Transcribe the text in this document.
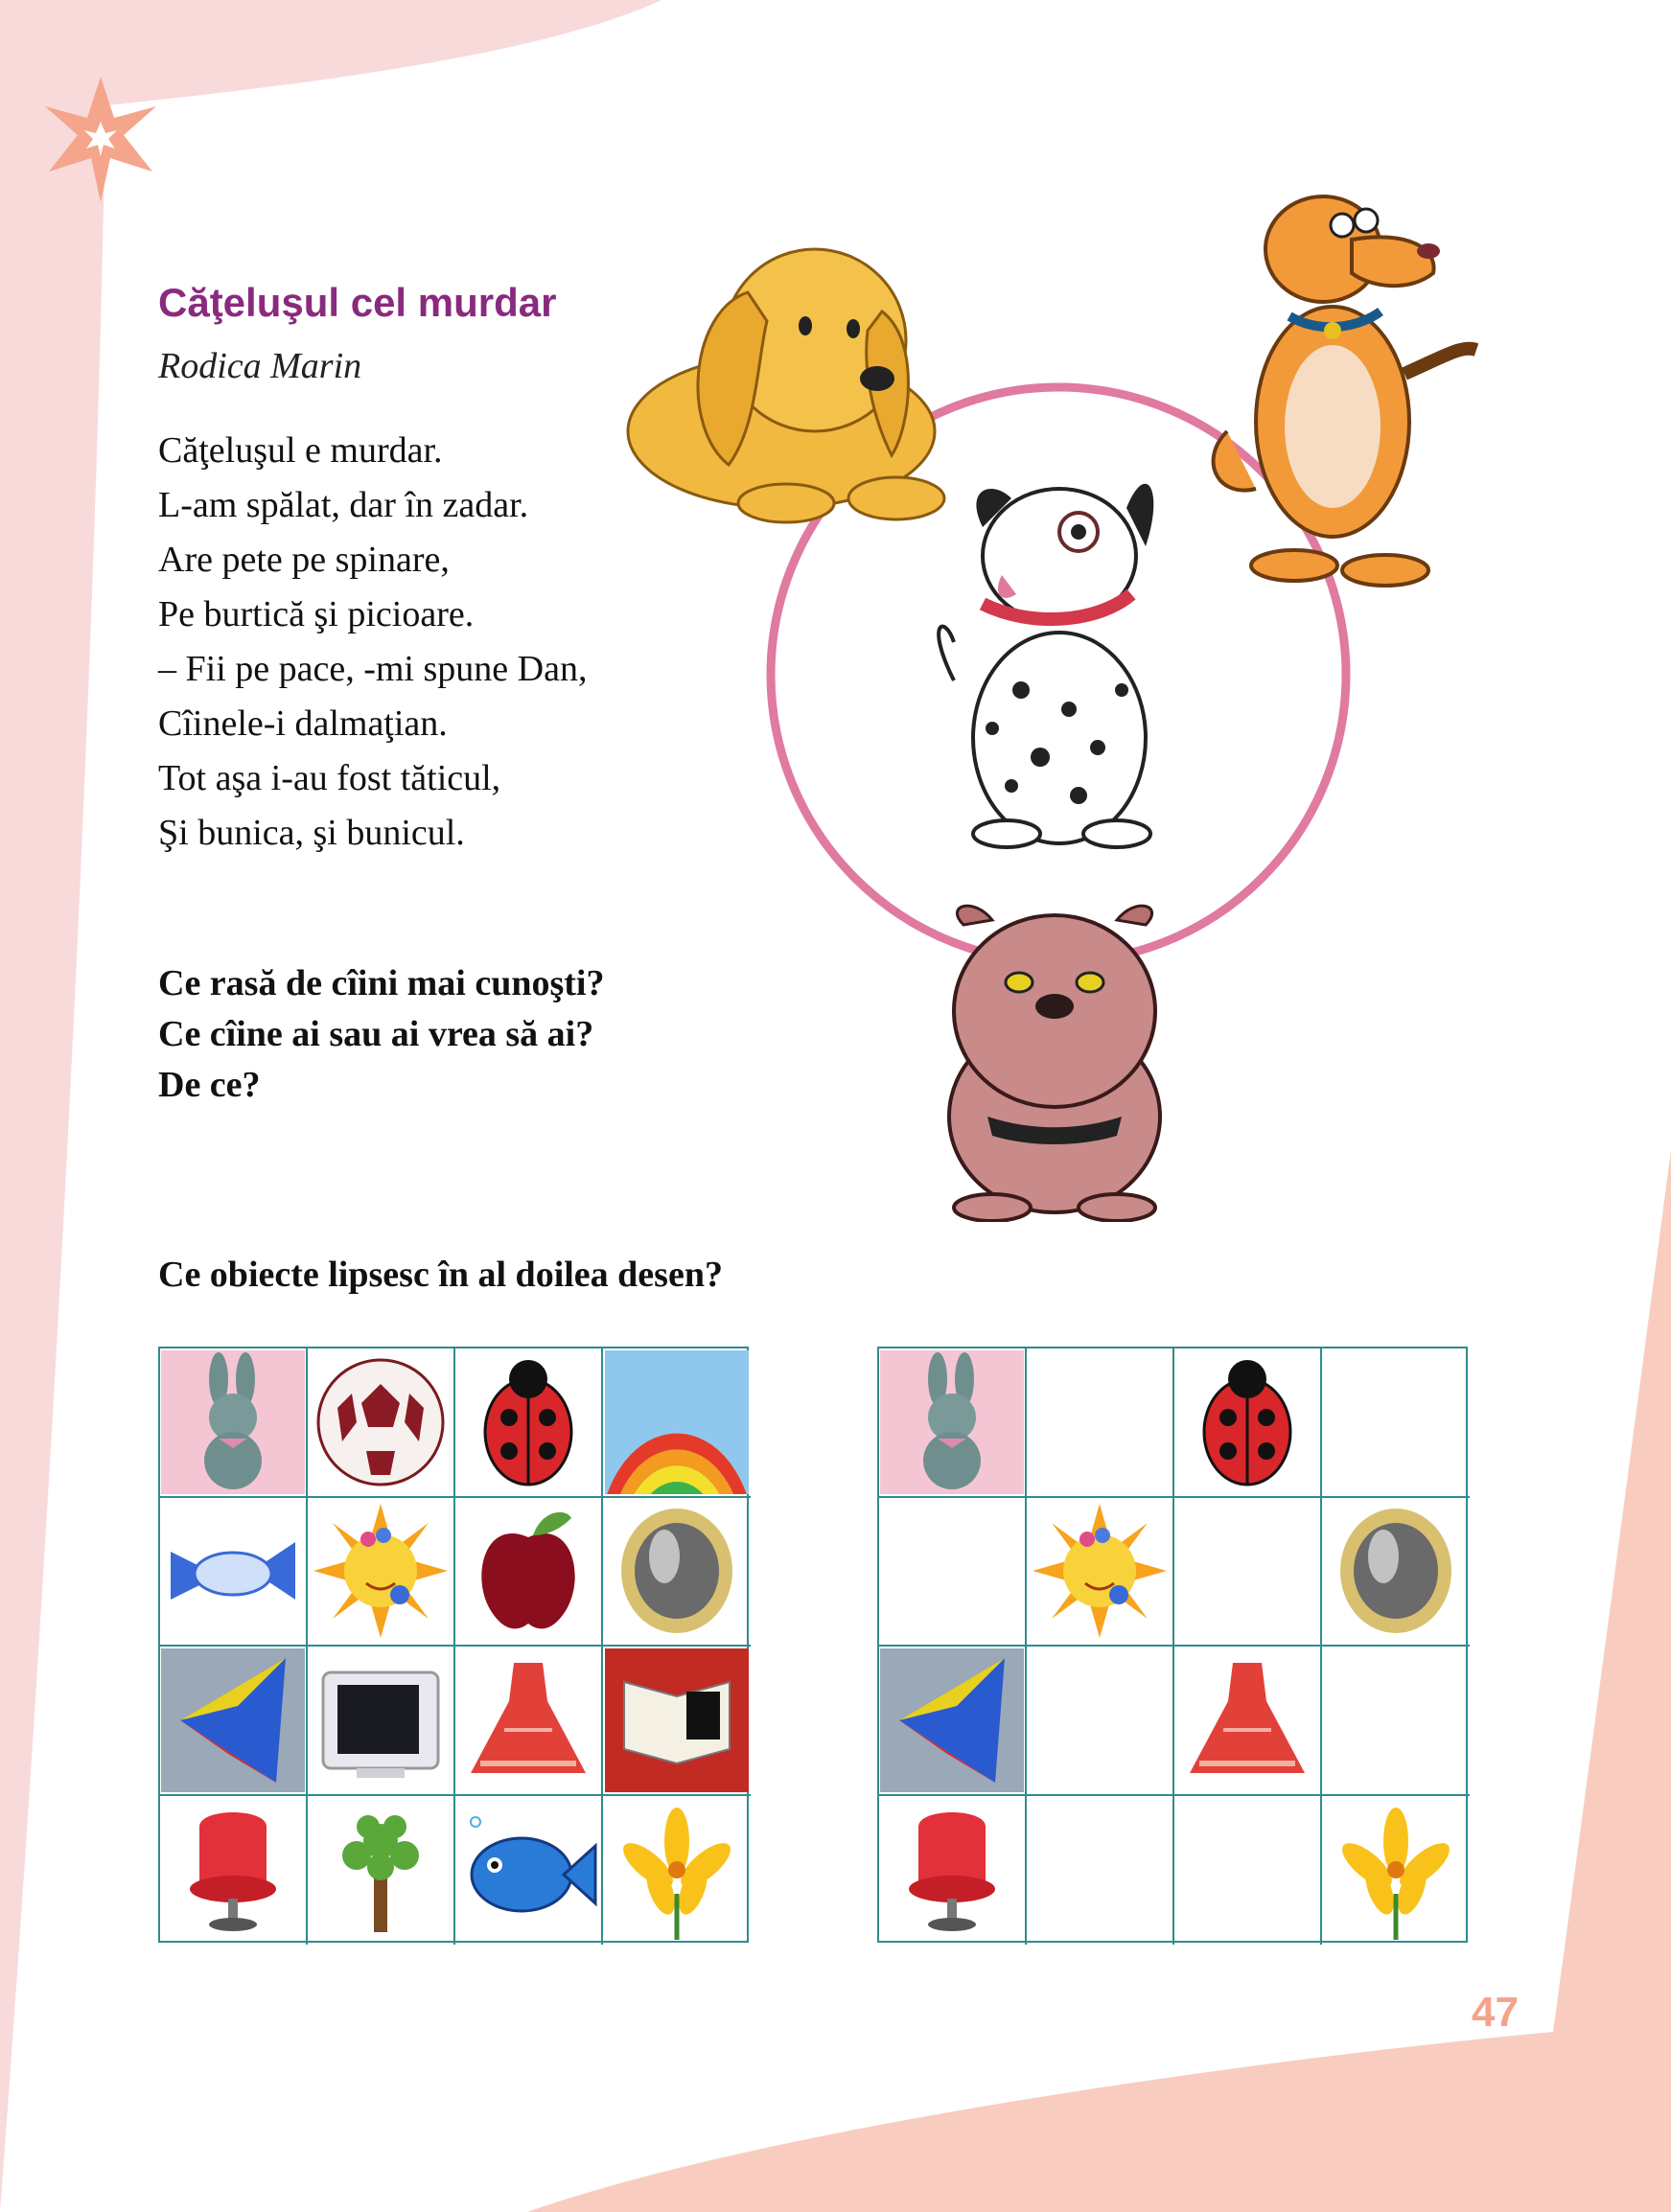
Căţeluşul cel murdar
Rodica Marin
Căţeluşul e murdar.
L-am spălat, dar în zadar.
Are pete pe spinare,
Pe burtică şi picioare.
– Fii pe pace, -mi spune Dan,
Cîinele-i dalmaţian.
Tot aşa i-au fost tăticul,
Şi bunica, şi bunicul.
Ce rasă de cîini mai cunoşti?
Ce cîine ai sau ai vrea să ai?
De ce?
Ce obiecte lipsesc în al doilea desen?
47
